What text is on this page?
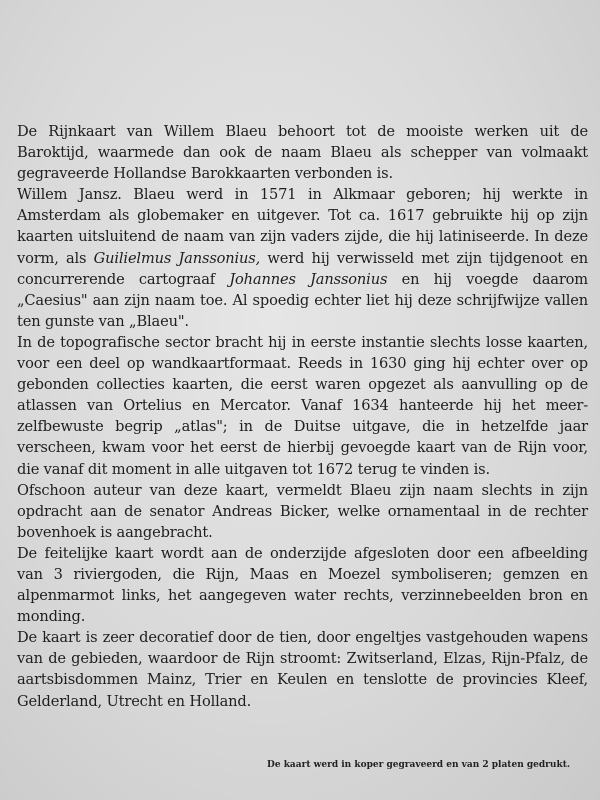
De Rijnkaart van Willem Blaeu behoort tot de mooiste werken uit de Baroktijd, waarmede dan ook de naam Blaeu als schepper van volmaakt gegraveerde Hollandse Barokkaarten verbonden is.

Willem Jansz. Blaeu werd in 1571 in Alkmaar geboren; hij werkte in Amsterdam als globemaker en uitgever. Tot ca. 1617 gebruikte hij op zijn kaarten uitsluitend de naam van zijn vaders zijde, die hij latiniseerde. In deze vorm, als Guilielmus Janssonius, werd hij verwisseld met zijn tijdgenoot en concurrerende cartograaf Johannes Janssonius en hij voegde daarom „Caesius" aan zijn naam toe. Al spoedig echter liet hij deze schrijfwijze vallen ten gunste van „Blaeu".

In de topografische sector bracht hij in eerste instantie slechts losse kaarten, voor een deel op wandkaartformaat. Reeds in 1630 ging hij echter over op gebonden collecties kaarten, die eerst waren opgezet als aanvulling op de atlassen van Ortelius en Mercator. Vanaf 1634 hanteerde hij het meer-zelfbewuste begrip „atlas"; in de Duitse uitgave, die in hetzelfde jaar verscheen, kwam voor het eerst de hierbij gevoegde kaart van de Rijn voor, die vanaf dit moment in alle uitgaven tot 1672 terug te vinden is.

Ofschoon auteur van deze kaart, vermeldt Blaeu zijn naam slechts in zijn opdracht aan de senator Andreas Bicker, welke ornamentaal in de rechter bovenhoek is aangebracht.

De feitelijke kaart wordt aan de onderzijde afgesloten door een afbeelding van 3 riviergoden, die Rijn, Maas en Moezel symboliseren; gemzen en alpenmarmot links, het aangegeven water rechts, verzinnebeelden bron en monding.

De kaart is zeer decoratief door de tien, door engeltjes vastgehouden wapens van de gebieden, waardoor de Rijn stroomt: Zwitserland, Elzas, Rijn-Pfalz, de aartsbisdommen Mainz, Trier en Keulen en tenslotte de provincies Kleef, Gelderland, Utrecht en Holland.

De kaart werd in koper gegraveerd en van 2 platen gedrukt.
